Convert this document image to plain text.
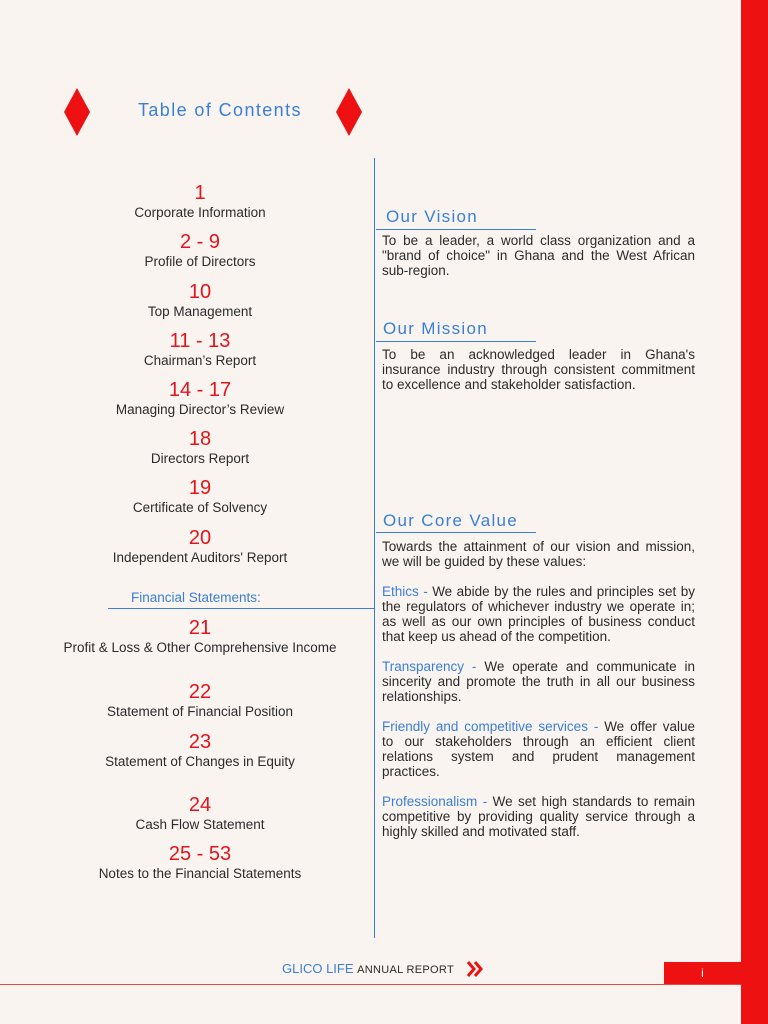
Table of Contents
1
Corporate Information
2 - 9
Profile of Directors
10
Top Management
11 - 13
Chairman’s Report
14 - 17
Managing Director’s Review
18
Directors Report
19
Certificate of Solvency
20
Independent Auditors' Report
Financial Statements:
21
Profit & Loss & Other Comprehensive Income
22
Statement of Financial Position
23
Statement of Changes in Equity
24
Cash Flow Statement
25 - 53
Notes to the Financial Statements
Our Vision

To be a leader, a world class organization and a "brand of choice" in Ghana and the West African sub-region.

Our Mission

To be an acknowledged leader in Ghana's insurance industry through consistent commitment to excellence and stakeholder satisfaction.

Our Core Value

Towards the attainment of our vision and mission, we will be guided by these values:

Ethics - We abide by the rules and principles set by the regulators of whichever industry we operate in; as well as our own principles of business conduct that keep us ahead of the competition.

Transparency - We operate and communicate in sincerity and promote the truth in all our business relationships.

Friendly and competitive services - We offer value to our stakeholders through an efficient client relations system and prudent management practices.

Professionalism - We set high standards to remain competitive by providing quality service through a highly skilled and motivated staff.

GLICO LIFE ANNUAL REPORT	i
